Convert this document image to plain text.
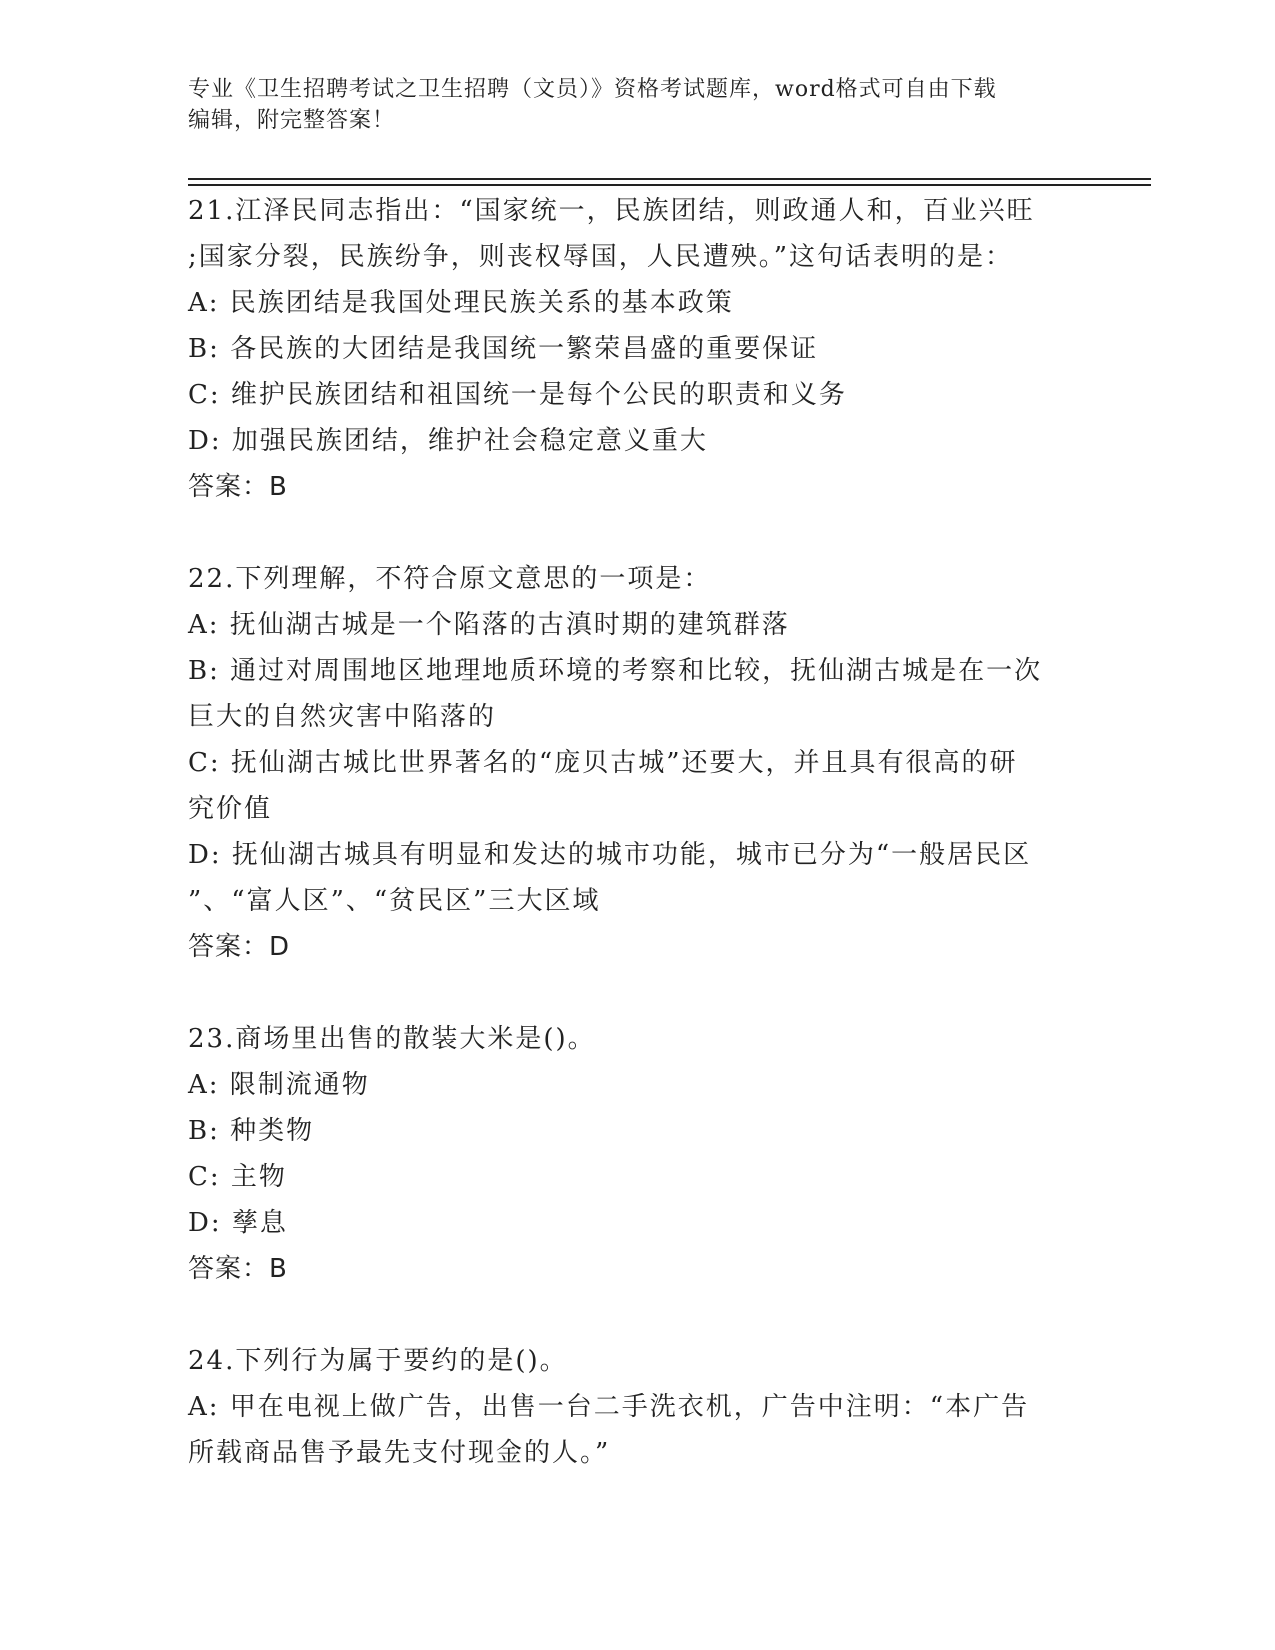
专业《卫生招聘考试之卫生招聘（文员）》资格考试题库，word格式可自由下载
编辑，附完整答案！
21.江泽民同志指出：“国家统一，民族团结，则政通人和，百业兴旺
;国家分裂，民族纷争，则丧权辱国，人民遭殃。”这句话表明的是：
A: 民族团结是我国处理民族关系的基本政策
B: 各民族的大团结是我国统一繁荣昌盛的重要保证
C: 维护民族团结和祖国统一是每个公民的职责和义务
D: 加强民族团结，维护社会稳定意义重大
答案：B
22.下列理解，不符合原文意思的一项是：
A: 抚仙湖古城是一个陷落的古滇时期的建筑群落
B: 通过对周围地区地理地质环境的考察和比较，抚仙湖古城是在一次
巨大的自然灾害中陷落的
C: 抚仙湖古城比世界著名的“庞贝古城”还要大，并且具有很高的研
究价值
D: 抚仙湖古城具有明显和发达的城市功能，城市已分为“一般居民区
”、“富人区”、“贫民区”三大区域
答案：D
23.商场里出售的散装大米是()。
A: 限制流通物
B: 种类物
C: 主物
D: 孳息
答案：B
24.下列行为属于要约的是()。
A: 甲在电视上做广告，出售一台二手洗衣机，广告中注明：“本广告
所载商品售予最先支付现金的人。”
